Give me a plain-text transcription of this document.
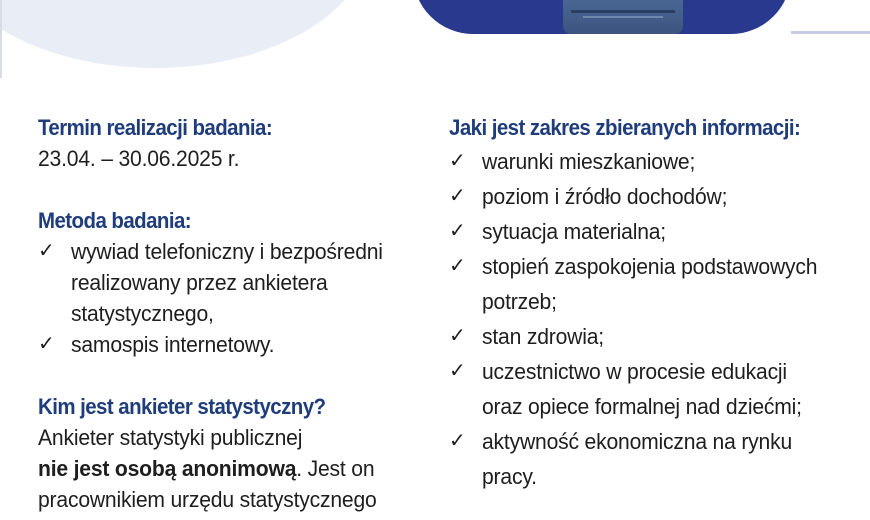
Termin realizacji badania:

23.04. – 30.06.2025 r.

Metoda badania:

✓ wywiad telefoniczny i bezpośredni
realizowany przez ankietera
statystycznego,
✓ samospis internetowy.

Kim jest ankieter statystyczny?

Ankieter statystyki publicznej

nie jest osobą anonimową. Jest on

pracownikiem urzędu statystycznego

Jaki jest zakres zbieranych informacji:

✓ warunki mieszkaniowe;
✓ poziom i źródło dochodów;
✓ sytuacja materialna;
✓ stopień zaspokojenia podstawowych
potrzeb;
✓ stan zdrowia;
✓ uczestnictwo w procesie edukacji
oraz opiece formalnej nad dziećmi;
✓ aktywność ekonomiczna na rynku
pracy.
